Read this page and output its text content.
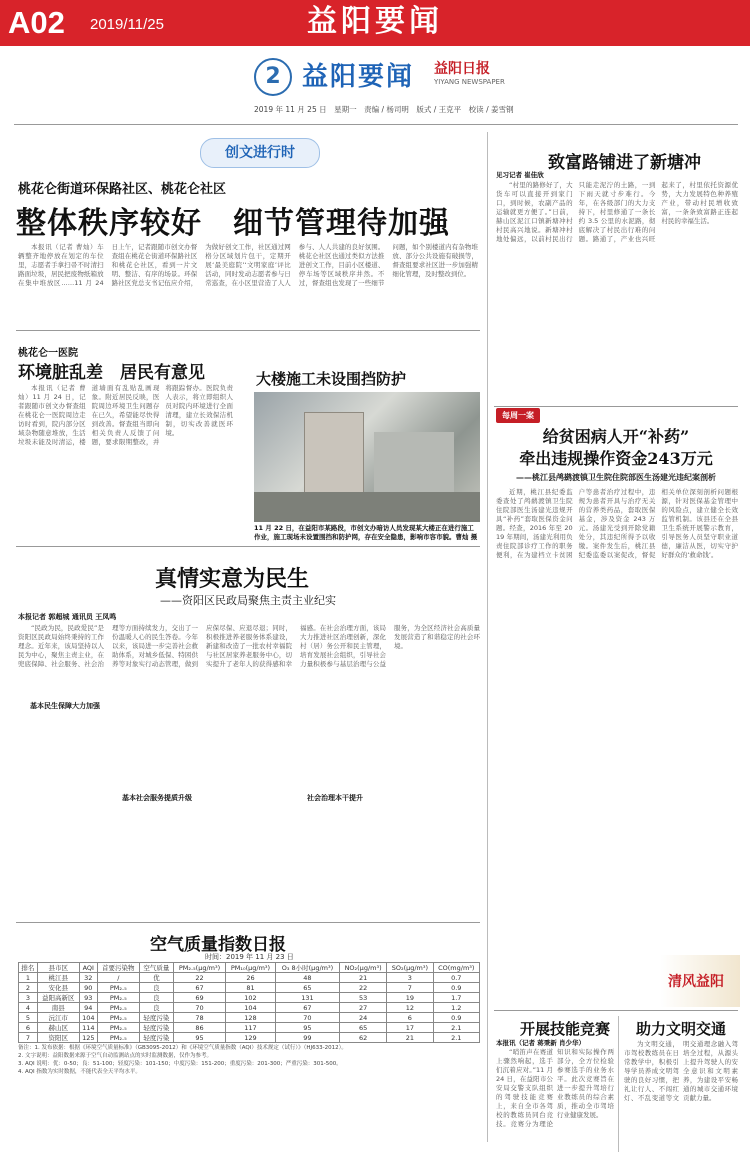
A02 2019/11/25	益阳要闻
2 益阳要闻 益阳日报
YIYANG NEWSPAPER
2019 年 11 月 25 日　星期一　责编 / 杨司明　版式 / 王克平　校读 / 姜雪钢
创文进行时
桃花仑街道环保路社区、桃花仑社区
整体秩序较好　细节管理待加强

本报讯（记者 曹灿）车辆整齐地停放在划定的车位里，志愿者手拿扫帚不时清扫路面垃圾，居民把废物纸箱放在集中堆放区……11 月 24 日上午，记者跟随市创文办督查组在桃花仑街道环保路社区和桃花仑社区，看到一片文明、整洁、有序的场景。环保路社区党总支书记伍应介绍，为做好创文工作，社区通过网格分区域划片包干，定期开展‘最美庭院’‘文明家庭’评比活动，同时发动志愿者参与日常巡查，在小区里营造了人人参与、人人共建的良好氛围。桃花仑社区也通过类似方法推进创文工作，目前小区楼道、停车场等区域秩序井然。不过，督查组也发现了一些细节问题，如个别楼道内有杂物堆放、部分公共设施有破损等，督查组要求社区进一步加强精细化管理，及时整改到位。

桃花仑一医院
环境脏乱差　居民有意见

本报讯（记者 曹灿）11 月 24 日，记者跟随市创文办督查组在桃花仑一医院周边走访时看到，院内部分区域杂物随意堆放，生活垃圾未能及时清运，楼道墙面有乱贴乱画现象。附近居民反映，医院周边环境卫生问题存在已久，希望能尽快得到改善。督查组当即向相关负责人反馈了问题，要求限期整改，并将跟踪督办。医院负责人表示，将立即组织人员对院内环境进行全面清理，建立长效保洁机制，切实改善就医环境。

大楼施工未设围挡防护
11 月 22 日，在益阳市某路段，市创文办暗访人员发现某大楼正在进行施工作业，施工现场未设置围挡和防护网，存在安全隐患，影响市容市貌。曹灿 摄
真情实意为民生
——资阳区民政局聚焦主责主业纪实
本报记者 郭超城 通讯员 王凤鸣

“民政为民，民政爱民”是资阳区民政局始终秉持的工作理念。近年来，该局坚持以人民为中心，聚焦主责主业，在兜底保障、社会服务、社会治理等方面持续发力，交出了一份温暖人心的民生答卷。今年以来，该局进一步完善社会救助体系，对城乡低保、特困供养等对象实行动态管理，做到应保尽保、应退尽退；同时，积极推进养老服务体系建设，新建和改造了一批农村幸福院与社区居家养老服务中心，切实提升了老年人的获得感和幸福感。在社会治理方面，该局大力推进社区治理创新，深化村（居）务公开和民主管理，培育发展社会组织，引导社会力量积极参与基层治理与公益服务，为全区经济社会高质量发展营造了和谐稳定的社会环境。

基本民生保障大力加强
基本社会服务提质升级	社会治理本干提升
空气质量指数日报
时间：2019 年 11 月 23 日
排名	县市区	AQI	首要污染物	空气质量	PM₂.₅(μg/m³)	PM₁₀(μg/m³)	O₃ 8小时(μg/m³)	NO₂(μg/m³)	SO₂(μg/m³)	CO(mg/m³)
1	桃江县	32	/	优	22	26	48	21	3	0.7
2	安化县	90	PM₂.₅	良	67	81	65	22	7	0.9
3	益阳高新区	93	PM₂.₅	良	69	102	131	53	19	1.7
4	南县	94	PM₂.₅	良	70	104	67	27	12	1.2
5	沅江市	104	PM₂.₅	轻度污染	78	128	70	24	6	0.9
6	赫山区	114	PM₂.₅	轻度污染	86	117	95	65	17	2.1
7	资阳区	125	PM₂.₅	轻度污染	95	129	99	62	21	2.1
备注：1. 发布依据：根据《环境空气质量标准》（GB3095-2012）和《环境空气质量指数（AQI）技术规定（试行）》（HJ633-2012）。
2. 文字说明：益阳数据来源于空气自动监测站点的实时监测数据，仅作为参考。
3. AQI 说明：优：0-50；良：51-100；轻度污染：101-150；中度污染：151-200；重度污染：201-300；严重污染：301-500。
4. AQI 指数为实时数据，不能代表全天平均水平。
致富路铺进了新塘冲
见习记者 崔佳欣

“村里的路修好了，大货车可以直接开到家门口，到时候，农副产品的运输就更方便了。”日前，赫山区泥江口镇新塘冲村村民高兴地说。新塘冲村地处偏远，以前村民出行只能走泥泞的土路，一到下雨天就寸步难行。今年，在各级部门的大力支持下，村里修通了一条长约 3.5 公里的水泥路，彻底解决了村民出行难的问题。路通了，产业也兴旺起来了，村里依托资源优势，大力发展特色种养殖产业，带动村民增收致富，一条条致富路正连起村民的幸福生活。

每周一案
给贫困病人开“补药”
牵出违规操作资金243万元
——桃江县鸬鹚渡镇卫生院住院部医生汤建光违纪案剖析

近期，桃江县纪委监委查处了鸬鹚渡镇卫生院住院部医生汤建光违规开具“补药”套取医保资金问题。经查，2016 年至 2019 年期间，汤建光利用负责住院部诊疗工作的职务便利，在为建档立卡贫困户等患者治疗过程中，违规为患者开具与治疗无关的营养类药品，套取医保基金，涉及资金 243 万元。汤建光受到开除党籍处分，其违纪所得予以收缴。案件发生后，桃江县纪委监委以案促改，督促相关单位深刻剖析问题根源，针对医保基金管理中的风险点，建立健全长效监管机制。该县还在全县卫生系统开展警示教育，引导医务人员坚守职业道德，廉洁从医，切实守护好群众的‘救命钱’。

清风益阳
开展技能竞赛
本报讯（记者 蒋秉新 肖少华）

“哨笛声在赛道上骤然响起，选手们沉着应对。”11 月 24 日，在益阳市公安局交警支队组织的驾驶技能竞赛上，来自全市各驾校的教练员同台竞技。竞赛分为理论知识和实际操作两部分，全方位检验参赛选手的业务水平。此次竞赛旨在进一步提升驾培行业教练员的综合素质，推动全市驾培行业健康发展。

助力文明交通

为文明交通，市驾校教练员在日常教学中，积极引导学员养成文明驾驶的良好习惯，把礼让行人、不闯红灯、不乱变道等文明交通理念融入驾培全过程，从源头上提升驾驶人的安全意识和文明素养，为建设平安畅通的城市交通环境贡献力量。
